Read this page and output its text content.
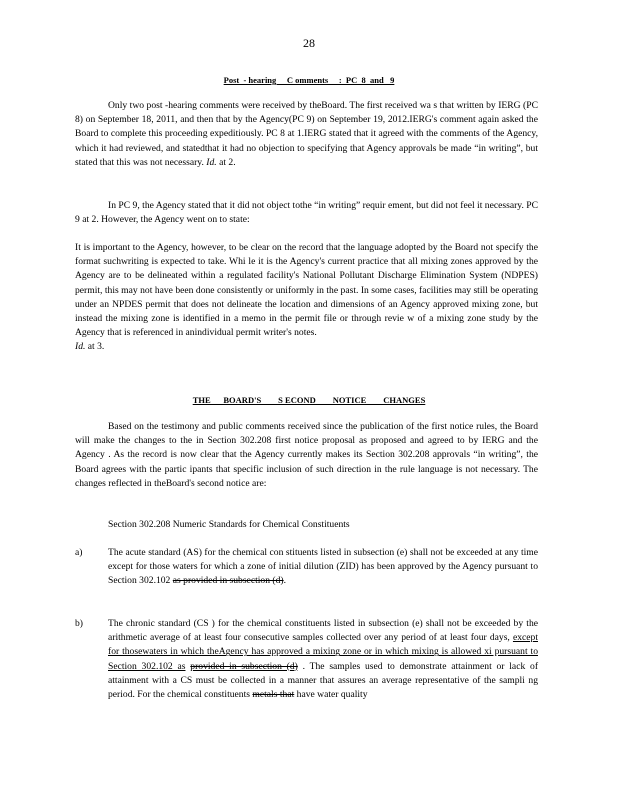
28
Post  - hearing     C omments     :  PC  8  and   9

Only two post -hearing comments were received by theBoard. The first received wa s that written by IERG (PC 8) on September 18, 2011, and then that by the Agency(PC 9) on September 19, 2012.IERG's comment again asked the Board to complete this proceeding expeditiously. PC 8 at 1.IERG stated that it agreed with the comments of the Agency, which it had reviewed, and statedthat it had no objection to specifying that Agency approvals be made “in writing”, but stated that this was not necessary. Id. at 2.

In PC 9, the Agency stated that it did not object tothe “in writing” requir ement, but did not feel it necessary. PC 9 at 2. However, the Agency went on to state:

It is important to the Agency, however, to be clear on the record that the language adopted by the Board not specify the format suchwriting is expected to take. Whi le it is the Agency's current practice that all mixing zones approved by the Agency are to be delineated within a regulated facility's National Pollutant Discharge Elimination System (NDPES) permit, this may not have been done consistently or uniformly in the past. In some cases, facilities may still be operating under an NPDES permit that does not delineate the location and dimensions of an Agency approved mixing zone, but instead the mixing zone is identified in a memo in the permit file or through revie w of a mixing zone study by the Agency that is referenced in anindividual permit writer's notes.
Id. at 3.

THE      BOARD'S        S ECOND        NOTICE        CHANGES

Based on the testimony and public comments received since the publication of the first notice rules, the Board will make the changes to the in Section 302.208 first notice proposal as proposed and agreed to by IERG and the Agency . As the record is now clear that the Agency currently makes its Section 302.208 approvals “in writing”, the Board agrees with the partic ipants that specific inclusion of such direction in the rule language is not necessary. The changes reflected in theBoard's second notice are:

Section 302.208 Numeric Standards for Chemical Constituents

a)	The acute standard (AS) for the chemical con stituents listed in subsection (e) shall not be exceeded at any time except for those waters for which a zone of initial dilution (ZID) has been approved by the Agency pursuant to Section 302.102 as provided in subsection (d).
b)	The chronic standard (CS ) for the chemical constituents listed in subsection (e) shall not be exceeded by the arithmetic average of at least four consecutive samples collected over any period of at least four days, except for thosewaters in which theAgency has approved a mixing zone or in which mixing is allowed xi pursuant to Section 302.102 as provided in subsection (d) . The samples used to demonstrate attainment or lack of attainment with a CS must be collected in a manner that assures an average representative of the sampli ng period. For the chemical constituents metals that have water quality
